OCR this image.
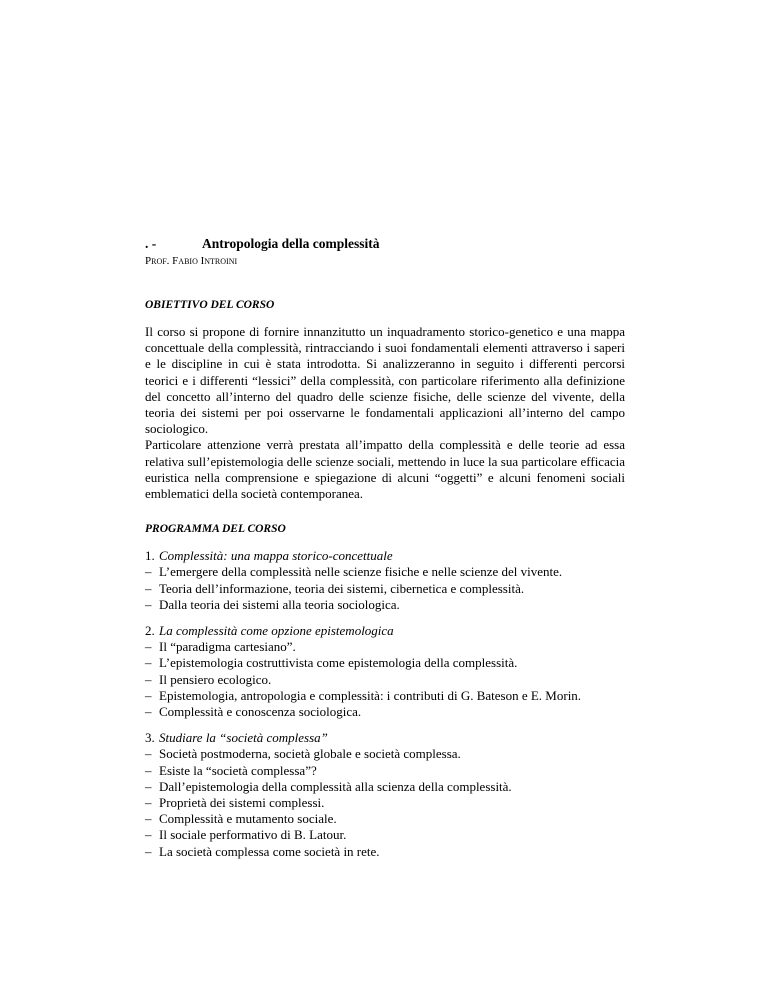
. -	Antropologia della complessità
Prof. Fabio Introini
OBIETTIVO DEL CORSO

Il corso si propone di fornire innanzitutto un inquadramento storico-genetico e una mappa concettuale della complessità, rintracciando i suoi fondamentali elementi attraverso i saperi e le discipline in cui è stata introdotta. Si analizzeranno in seguito i differenti percorsi teorici e i differenti “lessici” della complessità, con particolare riferimento alla definizione del concetto all’interno del quadro delle scienze fisiche, delle scienze del vivente, della teoria dei sistemi per poi osservarne le fondamentali applicazioni all’interno del campo sociologico.

Particolare attenzione verrà prestata all’impatto della complessità e delle teorie ad essa relativa sull’epistemologia delle scienze sociali, mettendo in luce la sua particolare efficacia euristica nella comprensione e spiegazione di alcuni “oggetti” e alcuni fenomeni sociali emblematici della società contemporanea.

PROGRAMMA DEL CORSO
1. Complessità: una mappa storico-concettuale
– L’emergere della complessità nelle scienze fisiche e nelle scienze del vivente.
– Teoria dell’informazione, teoria dei sistemi, cibernetica e complessità.
– Dalla teoria dei sistemi alla teoria sociologica.
2. La complessità come opzione epistemologica
– Il “paradigma cartesiano”.
– L’epistemologia costruttivista come epistemologia della complessità.
– Il pensiero ecologico.
– Epistemologia, antropologia e complessità: i contributi di G. Bateson e E. Morin.
– Complessità e conoscenza sociologica.
3. Studiare la “società complessa”
– Società postmoderna, società globale e società complessa.
– Esiste la “società complessa”?
– Dall’epistemologia della complessità alla scienza della complessità.
– Proprietà dei sistemi complessi.
– Complessità e mutamento sociale.
– Il sociale performativo di B. Latour.
– La società complessa come società in rete.
